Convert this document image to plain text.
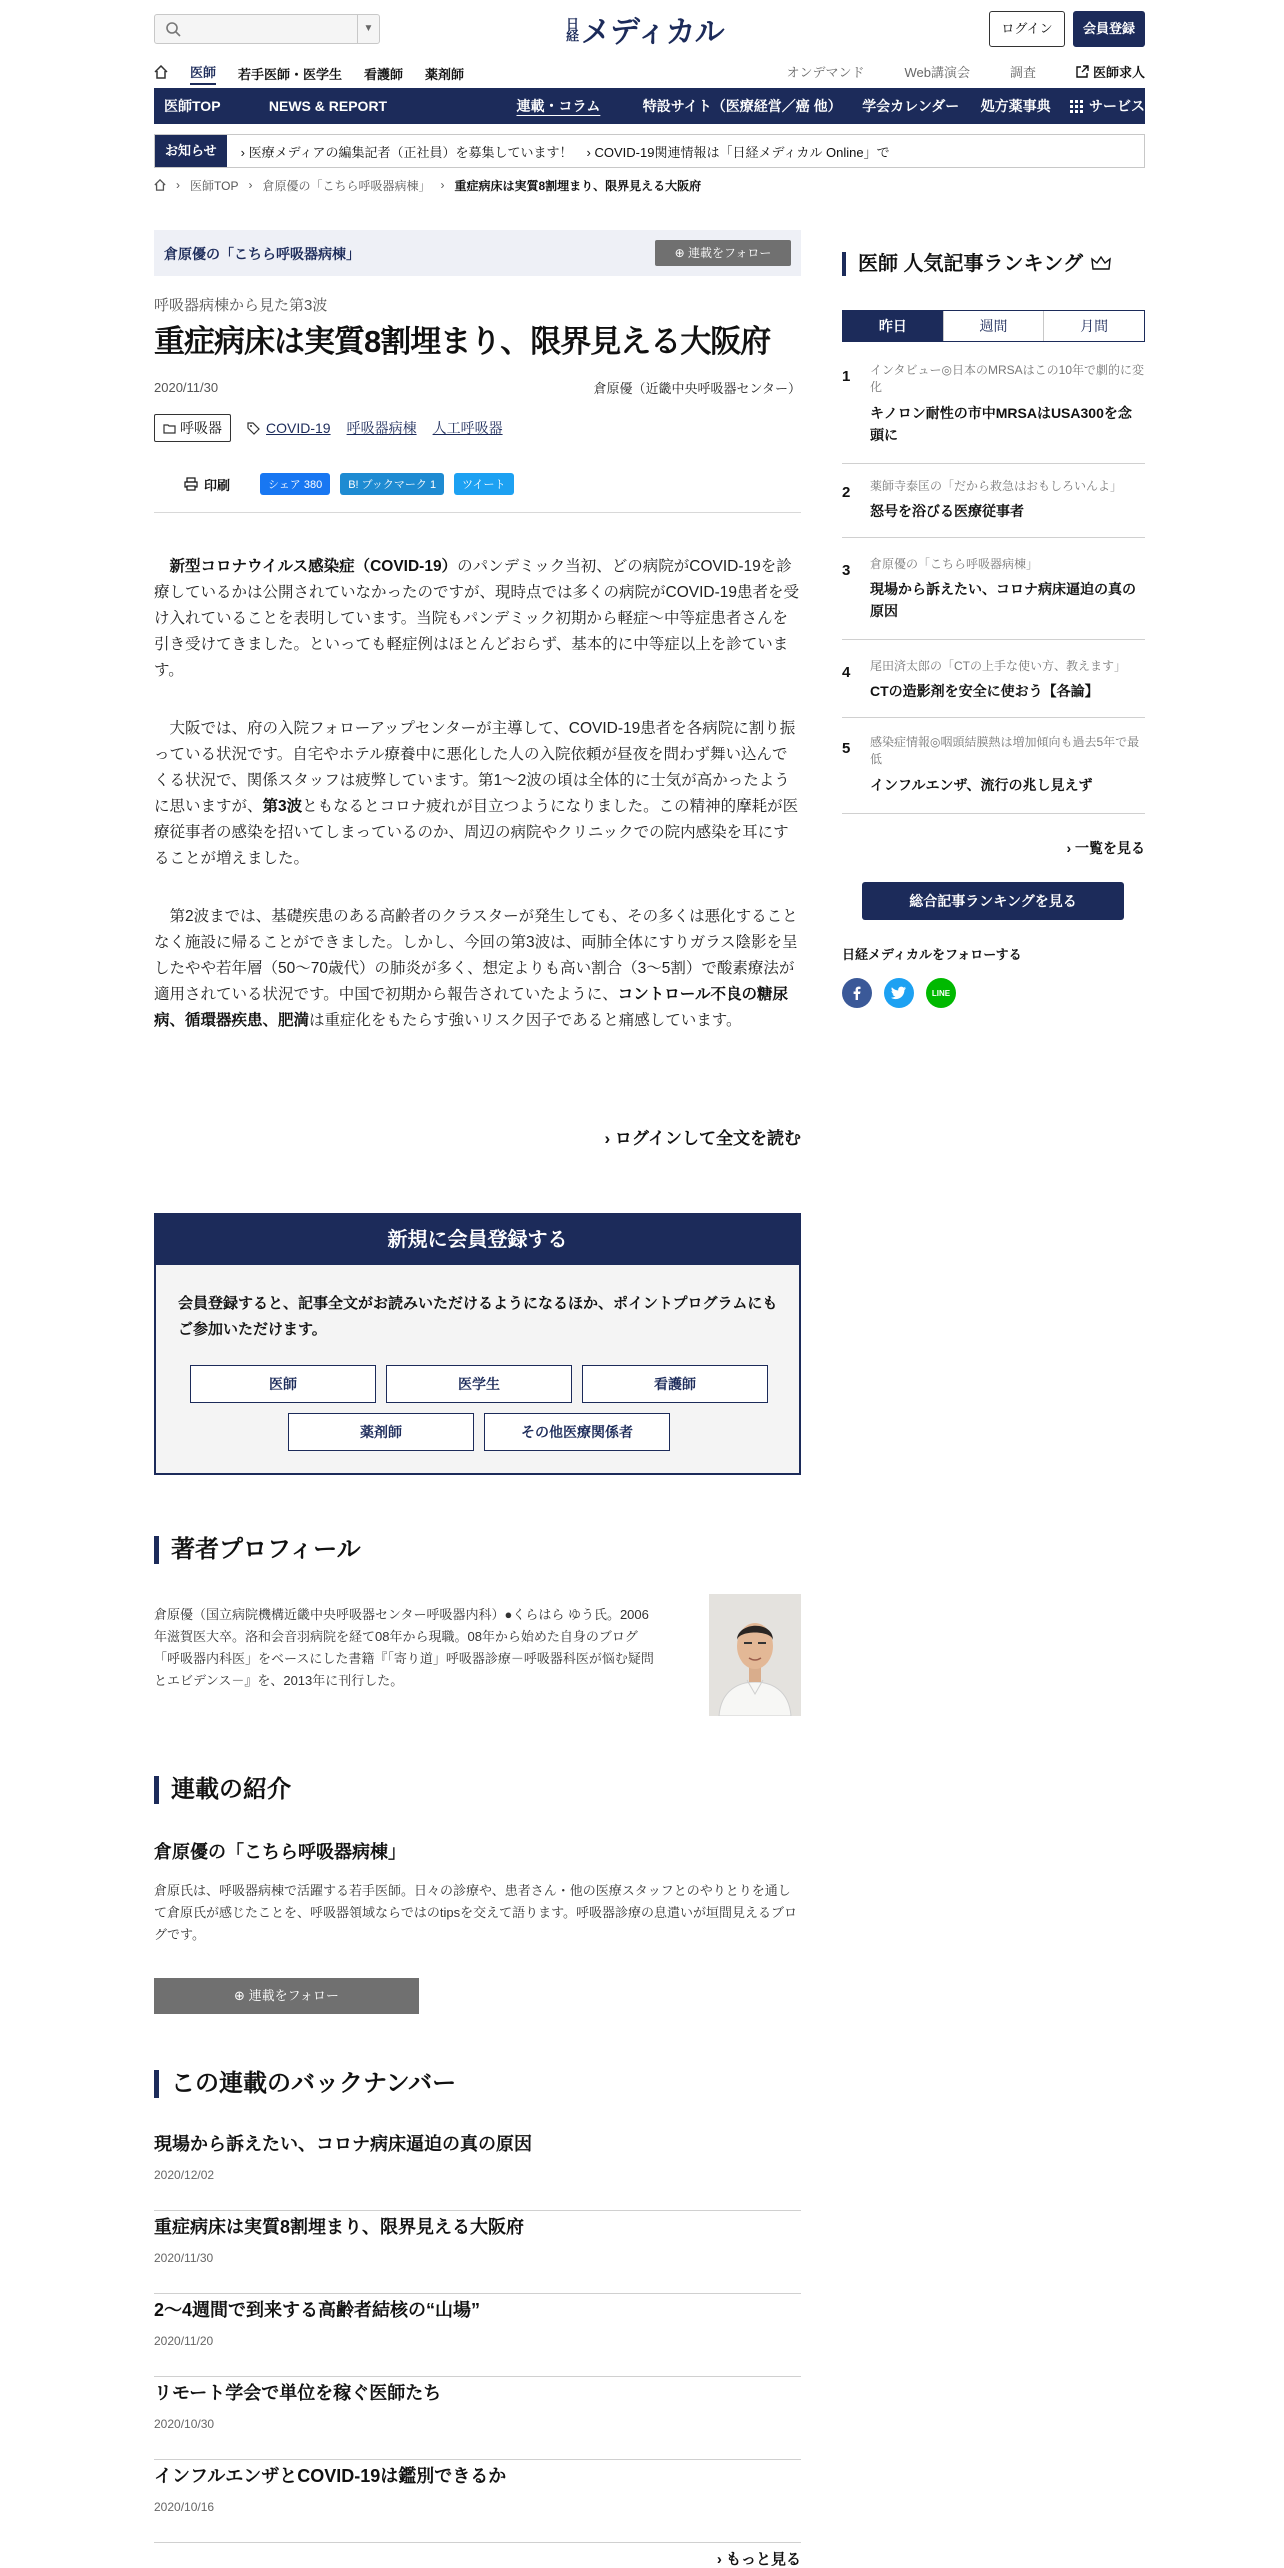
▼	日経 メディカル	ログイン	会員登録
医師 若手医師・医学生 看護師 薬剤師	オンデマンド	Web講演会	調査	医師求人
医師TOP	NEWS & REPORT	連載・コラム	特設サイト（医療経営／癌 他）	学会カレンダー	処方薬事典	サービス
お知らせ	› 医療メディアの編集記者（正社員）を募集しています！ › COVID-19関連情報は「日経メディカル Online」で
› 医師TOP › 倉原優の「こちら呼吸器病棟」 › 重症病床は実質8割埋まり、限界見える大阪府
倉原優の「こちら呼吸器病棟」	⊕ 連載をフォロー
呼吸器病棟から見た第3波
重症病床は実質8割埋まり、限界見える大阪府
2020/11/30	倉原優（近畿中央呼吸器センター）
呼吸器	COVID-19 呼吸器病棟 人工呼吸器
印刷	シェア 380	B! ブックマーク 1	ツイート

新型コロナウイルス感染症（COVID-19）のパンデミック当初、どの病院がCOVID-19を診療しているかは公開されていなかったのですが、現時点では多くの病院がCOVID-19患者を受け入れていることを表明しています。当院もパンデミック初期から軽症～中等症患者さんを引き受けてきました。といっても軽症例はほとんどおらず、基本的に中等症以上を診ています。

大阪では、府の入院フォローアップセンターが主導して、COVID-19患者を各病院に割り振っている状況です。自宅やホテル療養中に悪化した人の入院依頼が昼夜を問わず舞い込んでくる状況で、関係スタッフは疲弊しています。第1～2波の頃は全体的に士気が高かったように思いますが、第3波ともなるとコロナ疲れが目立つようになりました。この精神的摩耗が医療従事者の感染を招いてしまっているのか、周辺の病院やクリニックでの院内感染を耳にすることが増えました。

第2波までは、基礎疾患のある高齢者のクラスターが発生しても、その多くは悪化することなく施設に帰ることができました。しかし、今回の第3波は、両肺全体にすりガラス陰影を呈したやや若年層（50～70歳代）の肺炎が多く、想定よりも高い割合（3～5割）で酸素療法が適用されている状況です。中国で初期から報告されていたように、コントロール不良の糖尿病、循環器疾患、肥満は重症化をもたらす強いリスク因子であると痛感しています。

› ログインして全文を読む
新規に会員登録する
会員登録すると、記事全文がお読みいただけるようになるほか、ポイントプログラムにもご参加いただけます。
医師	医学生	看護師
薬剤師	その他医療関係者
著者プロフィール

倉原優（国立病院機構近畿中央呼吸器センター呼吸器内科）●くらはら ゆう氏。2006年滋賀医大卒。洛和会音羽病院を経て08年から現職。08年から始めた自身のブログ「呼吸器内科医」をベースにした書籍『「寄り道」呼吸器診療－呼吸器科医が悩む疑問とエビデンス－』を、2013年に刊行した。

連載の紹介
倉原優の「こちら呼吸器病棟」

倉原氏は、呼吸器病棟で活躍する若手医師。日々の診療や、患者さん・他の医療スタッフとのやりとりを通して倉原氏が感じたことを、呼吸器領域ならではのtipsを交えて語ります。呼吸器診療の息遣いが垣間見えるブログです。

⊕ 連載をフォロー
この連載のバックナンバー
現場から訴えたい、コロナ病床逼迫の真の原因
2020/12/02
重症病床は実質8割埋まり、限界見える大阪府
2020/11/30
2～4週間で到来する高齢者結核の“山場”
2020/11/20
リモート学会で単位を稼ぐ医師たち
2020/10/30
インフルエンザとCOVID-19は鑑別できるか
2020/10/16
› もっと見る
医師 人気記事ランキング
昨日	週間	月間
1 インタビュー◎日本のMRSAはこの10年で劇的に変化
キノロン耐性の市中MRSAはUSA300を念頭に
2 薬師寺泰匡の「だから救急はおもしろいんよ」
怒号を浴びる医療従事者
3 倉原優の「こちら呼吸器病棟」
現場から訴えたい、コロナ病床逼迫の真の原因
4 尾田済太郎の「CTの上手な使い方、教えます」
CTの造影剤を安全に使おう【各論】
5 感染症情報◎咽頭結膜熱は増加傾向も過去5年で最低
インフルエンザ、流行の兆し見えず
› 一覧を見る
総合記事ランキングを見る
日経メディカルをフォローする
LINE
